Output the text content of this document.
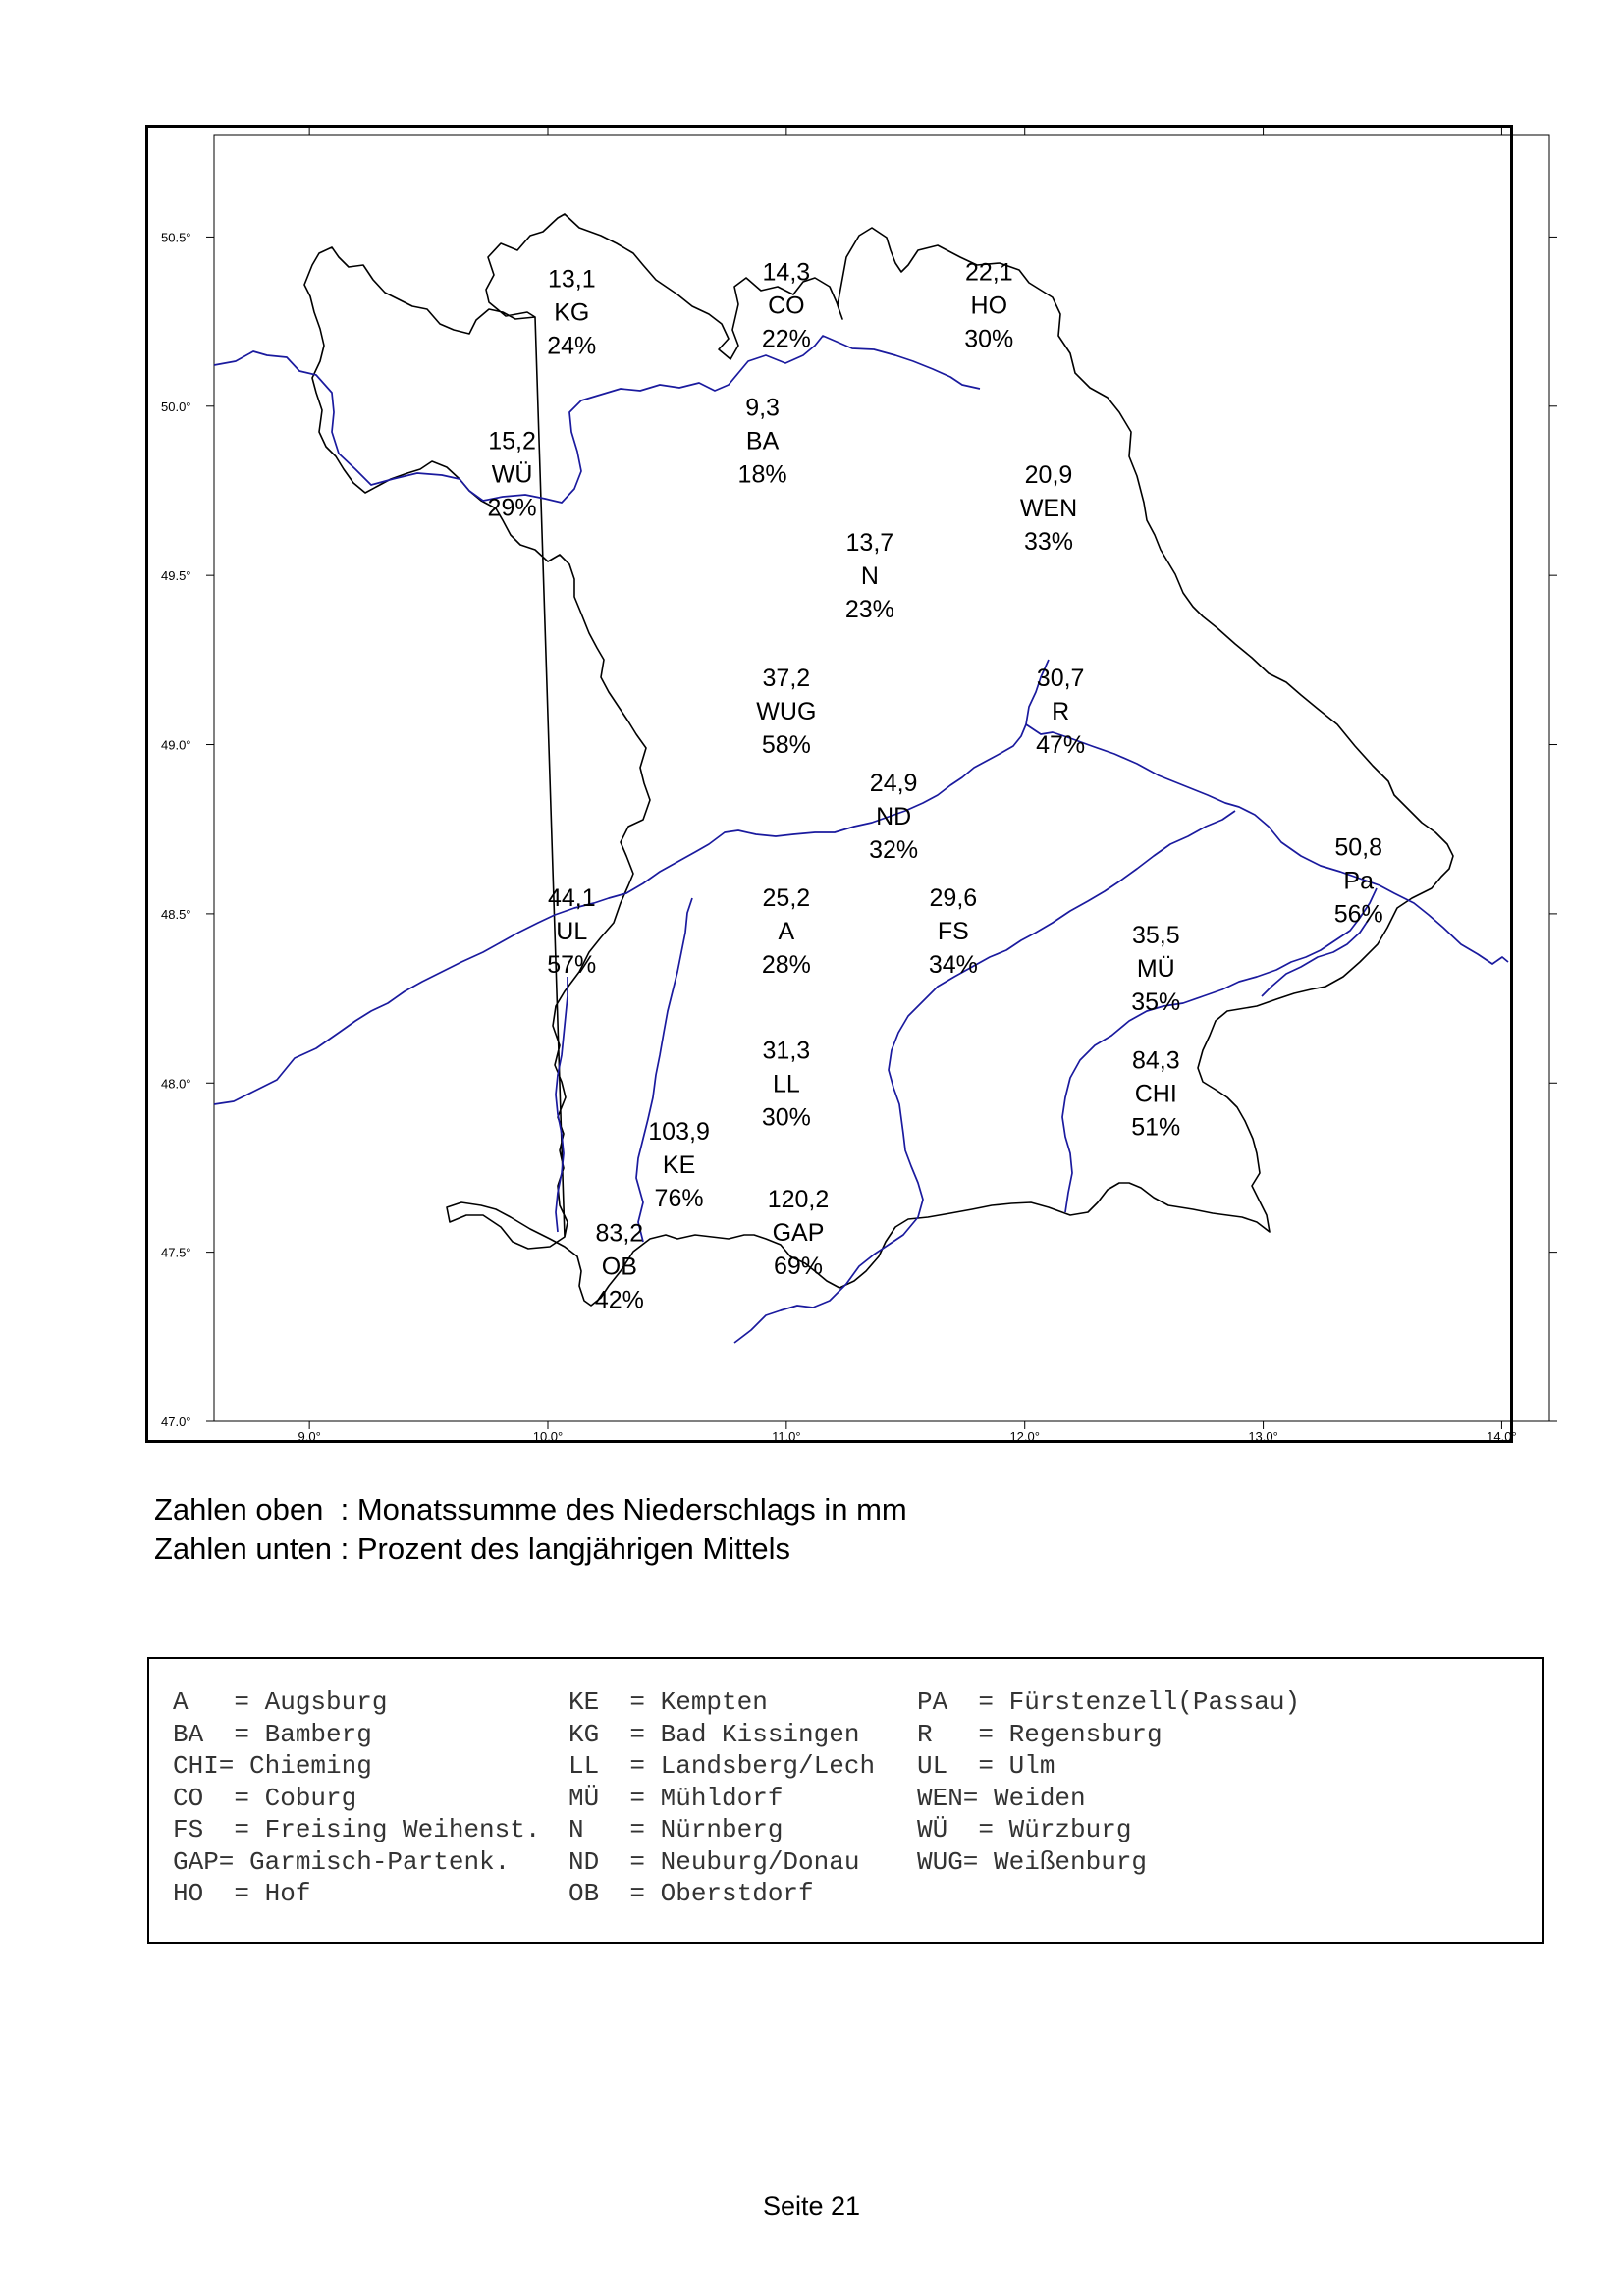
47.0°
47.5°
48.0°
48.5°
49.0°
49.5°
50.0°
50.5°
9.0°	10.0°	11.0°	12.0°	13.0°	14.0°
13,1
KG
24%
14,3
CO
22%
22,1
HO
30%
9,3
BA
18%
15,2
WÜ
29%
20,9
WEN
33%
13,7
N
23%
37,2
WUG
58%
30,7
R
47%
24,9
ND
32%	50,8
Pa
56%
44,1
UL
57%
25,2
A
28%
29,6
FS
34%
35,5
MÜ
35%
31,3
LL
30%
84,3
CHI
51%
103,9
KE
76%	120,2
GAP
69%
83,2
OB
42%
Zahlen oben  : Monatssumme des Niederschlags in mm
Zahlen unten : Prozent des langjährigen Mittels
A   = Augsburg	KE  = Kempten	PA  = Fürstenzell(Passau)
BA  = Bamberg	KG  = Bad Kissingen	R   = Regensburg
CHI= Chieming	LL  = Landsberg/Lech	UL  = Ulm
CO  = Coburg	MÜ  = Mühldorf	WEN= Weiden
FS  = Freising Weihenst.	N   = Nürnberg	WÜ  = Würzburg
GAP= Garmisch-Partenk.	ND  = Neuburg/Donau	WUG= Weißenburg
HO  = Hof	OB  = Oberstdorf
Seite 21
